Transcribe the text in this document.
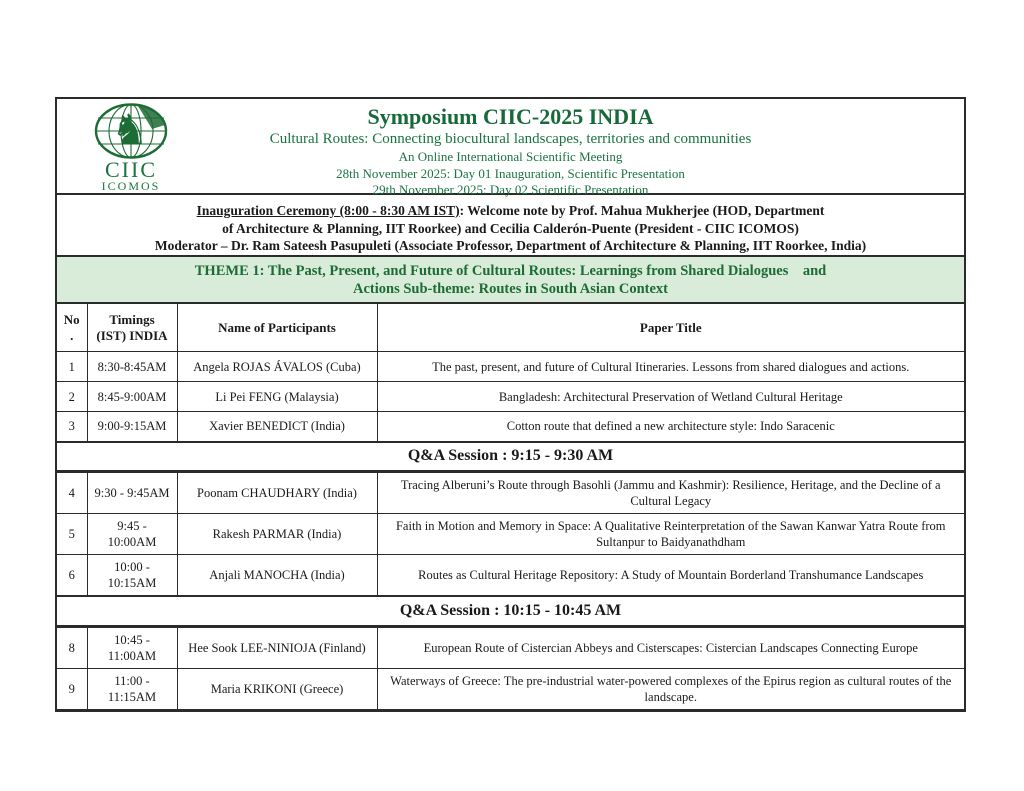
♞
CIIC
ICOMOS
Symposium CIIC-2025 INDIA
Cultural Routes: Connecting biocultural landscapes, territories and communities
An Online International Scientific Meeting
28th November 2025: Day 01 Inauguration, Scientific Presentation
29th November 2025: Day 02 Scientific Presentation
Inauguration Ceremony (8:00 - 8:30 AM IST): Welcome note by Prof. Mahua Mukherjee (HOD, Department
of Architecture & Planning, IIT Roorkee) and Cecilia Calderón-Puente (President - CIIC ICOMOS)
Moderator – Dr. Ram Sateesh Pasupuleti (Associate Professor, Department of Architecture & Planning, IIT Roorkee, India)
THEME 1: The Past, Present, and Future of Cultural Routes: Learnings from Shared Dialogues    and
Actions Sub-theme: Routes in South Asian Context
No.	Timings (IST) INDIA	Name of Participants	Paper Title
1	8:30-8:45AM	Angela ROJAS ÁVALOS (Cuba)	The past, present, and future of Cultural Itineraries. Lessons from shared dialogues and actions.
2	8:45-9:00AM	Li Pei FENG (Malaysia)	Bangladesh: Architectural Preservation of Wetland Cultural Heritage
3	9:00-9:15AM	Xavier BENEDICT (India)	Cotton route that defined a new architecture style: Indo Saracenic
Q&A Session : 9:15 - 9:30 AM			
4	9:30 - 9:45AM	Poonam CHAUDHARY (India)	Tracing Alberuni’s Route through Basohli (Jammu and Kashmir): Resilience, Heritage, and the Decline of a Cultural Legacy
5	9:45 - 10:00AM	Rakesh PARMAR (India)	Faith in Motion and Memory in Space: A Qualitative Reinterpretation of the Sawan Kanwar Yatra Route from Sultanpur to Baidyanathdham
6	10:00 - 10:15AM	Anjali MANOCHA (India)	Routes as Cultural Heritage Repository: A Study of Mountain Borderland Transhumance Landscapes
Q&A Session : 10:15 - 10:45 AM			
8	10:45 - 11:00AM	Hee Sook LEE-NINIOJA (Finland)	European Route of Cistercian Abbeys and Cisterscapes: Cistercian Landscapes Connecting Europe
9	11:00 - 11:15AM	Maria KRIKONI (Greece)	Waterways of Greece: The pre-industrial water-powered complexes of the Epirus region as cultural routes of the landscape.
